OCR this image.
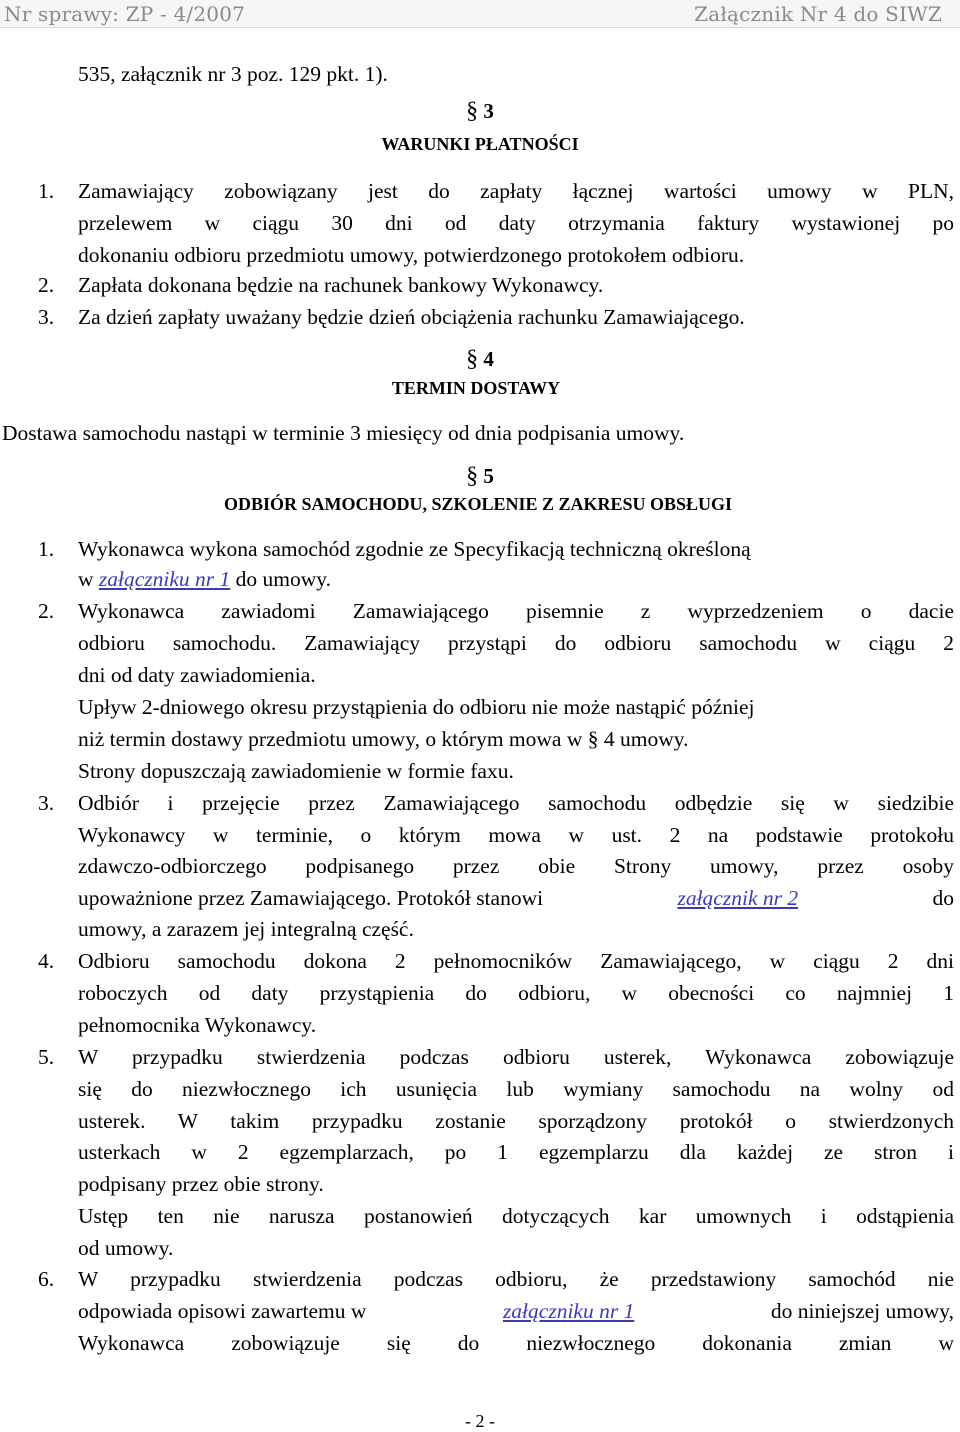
Nr sprawy: ZP - 4/2007	Załącznik Nr 4 do SIWZ
535, załącznik nr 3 poz. 129 pkt. 1).
§ 3
WARUNKI PŁATNOŚCI
1. Zamawiający zobowiązany jest do zapłaty łącznej wartości umowy w PLN,
przelewem w ciągu 30 dni od daty otrzymania faktury wystawionej po
dokonaniu odbioru przedmiotu umowy, potwierdzonego protokołem odbioru.
2. Zapłata dokonana będzie na rachunek bankowy Wykonawcy.
3. Za dzień zapłaty uważany będzie dzień obciążenia rachunku Zamawiającego.
§ 4
TERMIN DOSTAWY
Dostawa samochodu nastąpi w terminie 3 miesięcy od dnia podpisania umowy.
§ 5
ODBIÓR SAMOCHODU, SZKOLENIE Z ZAKRESU OBSŁUGI
1. Wykonawca wykona samochód zgodnie ze Specyfikacją techniczną określoną
w załączniku nr 1 do umowy.
2. Wykonawca zawiadomi Zamawiającego pisemnie z wyprzedzeniem o dacie
odbioru samochodu. Zamawiający przystąpi do odbioru samochodu w ciągu 2
dni od daty zawiadomienia.
Upływ 2-dniowego okresu przystąpienia do odbioru nie może nastąpić później
niż termin dostawy przedmiotu umowy, o którym mowa w § 4 umowy.
Strony dopuszczają zawiadomienie w formie faxu.
3. Odbiór i przejęcie przez Zamawiającego samochodu odbędzie się w siedzibie
Wykonawcy w terminie, o którym mowa w ust. 2 na podstawie protokołu
zdawczo-odbiorczego podpisanego przez obie Strony umowy, przez osoby
upoważnione przez Zamawiającego. Protokół stanowi	załącznik nr 2	do
umowy, a zarazem jej integralną część.
4. Odbioru samochodu dokona 2 pełnomocników Zamawiającego, w ciągu 2 dni
roboczych od daty przystąpienia do odbioru, w obecności co najmniej 1
pełnomocnika Wykonawcy.
5. W przypadku stwierdzenia podczas odbioru usterek, Wykonawca zobowiązuje
się do niezwłocznego ich usunięcia lub wymiany samochodu na wolny od
usterek. W takim przypadku zostanie sporządzony protokół o stwierdzonych
usterkach w 2 egzemplarzach, po 1 egzemplarzu dla każdej ze stron i
podpisany przez obie strony.
Ustęp ten nie narusza postanowień dotyczących kar umownych i odstąpienia
od umowy.
6. W przypadku stwierdzenia podczas odbioru, że przedstawiony samochód nie
odpowiada opisowi zawartemu w	załączniku nr 1	do niniejszej umowy,
Wykonawca zobowiązuje się do niezwłocznego dokonania zmian w
- 2 -
